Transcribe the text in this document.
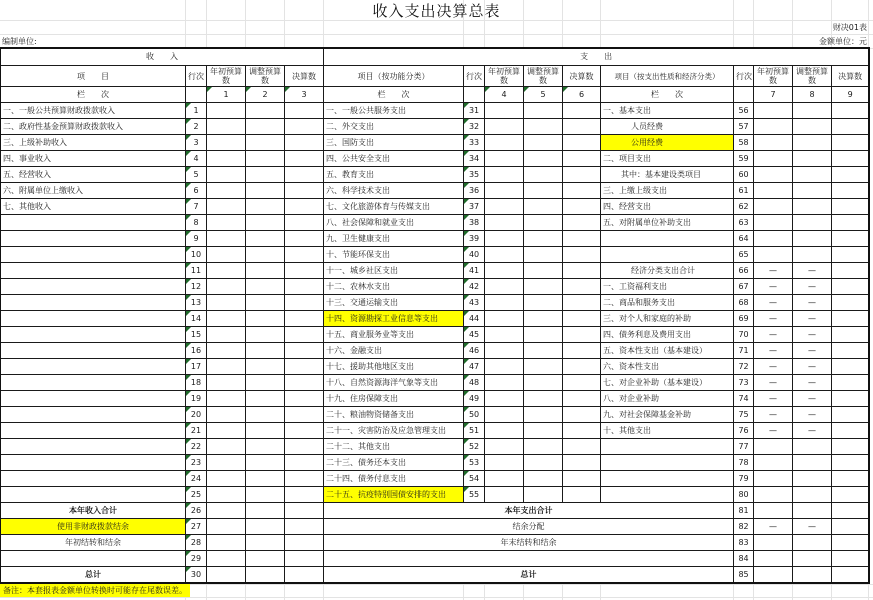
收入支出决算总表
财决01表
编制单位:	金额单位：元
收　　入					支　　出									
项　　目	行次	年初预算数	调整预算数	决算数	项目（按功能分类）	行次	年初预算数	调整预算数	决算数	项目（按支出性质和经济分类）	行次	年初预算数	调整预算数	决算数
栏　　次		1	2	3	栏　　次		4	5	6	栏　　次		7	8	9
一、一般公共预算财政拨款收入	1				一、一般公共服务支出	31				一、基本支出	56			
二、政府性基金预算财政拨款收入	2				二、外交支出	32				人员经费	57			
三、上级补助收入	3				三、国防支出	33				公用经费	58			
四、事业收入	4				四、公共安全支出	34				二、项目支出	59			
五、经营收入	5				五、教育支出	35				其中：基本建设类项目	60			
六、附属单位上缴收入	6				六、科学技术支出	36				三、上缴上级支出	61			
七、其他收入	7				七、文化旅游体育与传媒支出	37				四、经营支出	62			
	8				八、社会保障和就业支出	38				五、对附属单位补助支出	63			
	9				九、卫生健康支出	39					64			
	10				十、节能环保支出	40					65			
	11				十一、城乡社区支出	41				经济分类支出合计	66	—	—	
	12				十二、农林水支出	42				一、工资福利支出	67	—	—	
	13				十三、交通运输支出	43				二、商品和服务支出	68	—	—	
	14				十四、资源勘探工业信息等支出	44				三、对个人和家庭的补助	69	—	—	
	15				十五、商业服务业等支出	45				四、债务利息及费用支出	70	—	—	
	16				十六、金融支出	46				五、资本性支出（基本建设）	71	—	—	
	17				十七、援助其他地区支出	47				六、资本性支出	72	—	—	
	18				十八、自然资源海洋气象等支出	48				七、对企业补助（基本建设）	73	—	—	
	19				十九、住房保障支出	49				八、对企业补助	74	—	—	
	20				二十、粮油物资储备支出	50				九、对社会保障基金补助	75	—	—	
	21				二十一、灾害防治及应急管理支出	51				十、其他支出	76	—	—	
	22				二十二、其他支出	52					77			
	23				二十三、债务还本支出	53					78			
	24				二十四、债务付息支出	54					79			
	25				二十五、抗疫特别国债安排的支出	55					80			
本年收入合计	26				本年支出合计						81			
使用非财政拨款结余	27				结余分配						82	—	—	
年初结转和结余	28				年末结转和结余						83			
	29										84			
总计	30				总计						85			
备注：本套报表金额单位转换时可能存在尾数误差。
